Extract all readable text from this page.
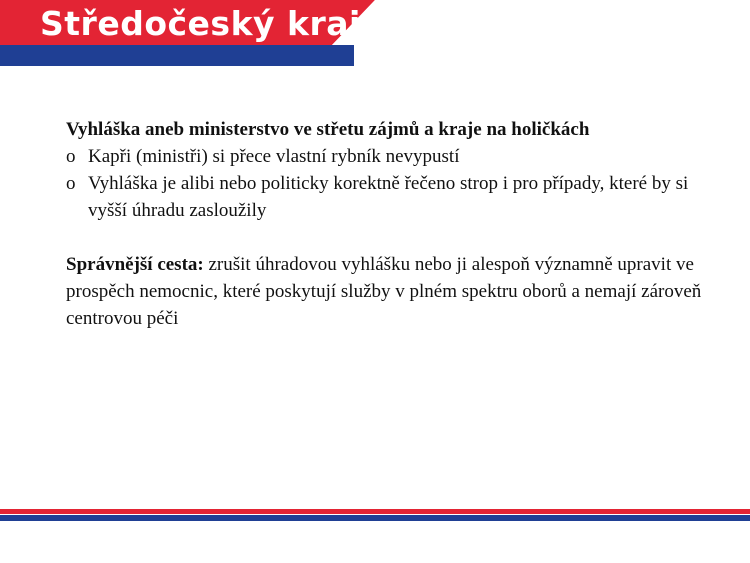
Středočeský kraj
Vyhláška aneb ministerstvo ve střetu zájmů a kraje na holičkách
o Kapři (ministři) si přece vlastní rybník nevypustí
o Vyhláška je alibi nebo politicky korektně řečeno strop i pro případy, které by si vyšší úhradu zasloužily
Správnější cesta: zrušit úhradovou vyhlášku nebo ji alespoň významně upravit ve prospěch nemocnic, které poskytují služby v plném spektru oborů a nemají zároveň centrovou péči
